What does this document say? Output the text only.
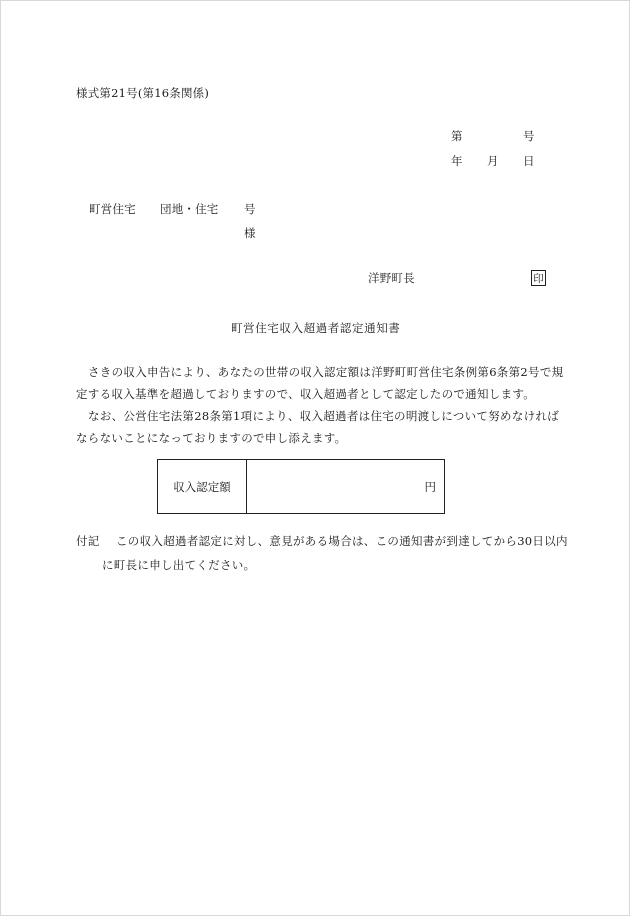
様式第21号(第16条関係)
第	号
年 月 日
町営住宅 団地・住宅 号
様
洋野町長	印
町営住宅収入超過者認定通知書
さきの収入申告により、あなたの世帯の収入認定額は洋野町町営住宅条例第6条第2号で規定する収入基準を超過しておりますので、収入超過者として認定したので通知します。
なお、公営住宅法第28条第1項により、収入超過者は住宅の明渡しについて努めなければならないことになっておりますので申し添えます。
収入認定額	円
付記	この収入超過者認定に対し、意見がある場合は、この通知書が到達してから30日以内
に町長に申し出てください。
